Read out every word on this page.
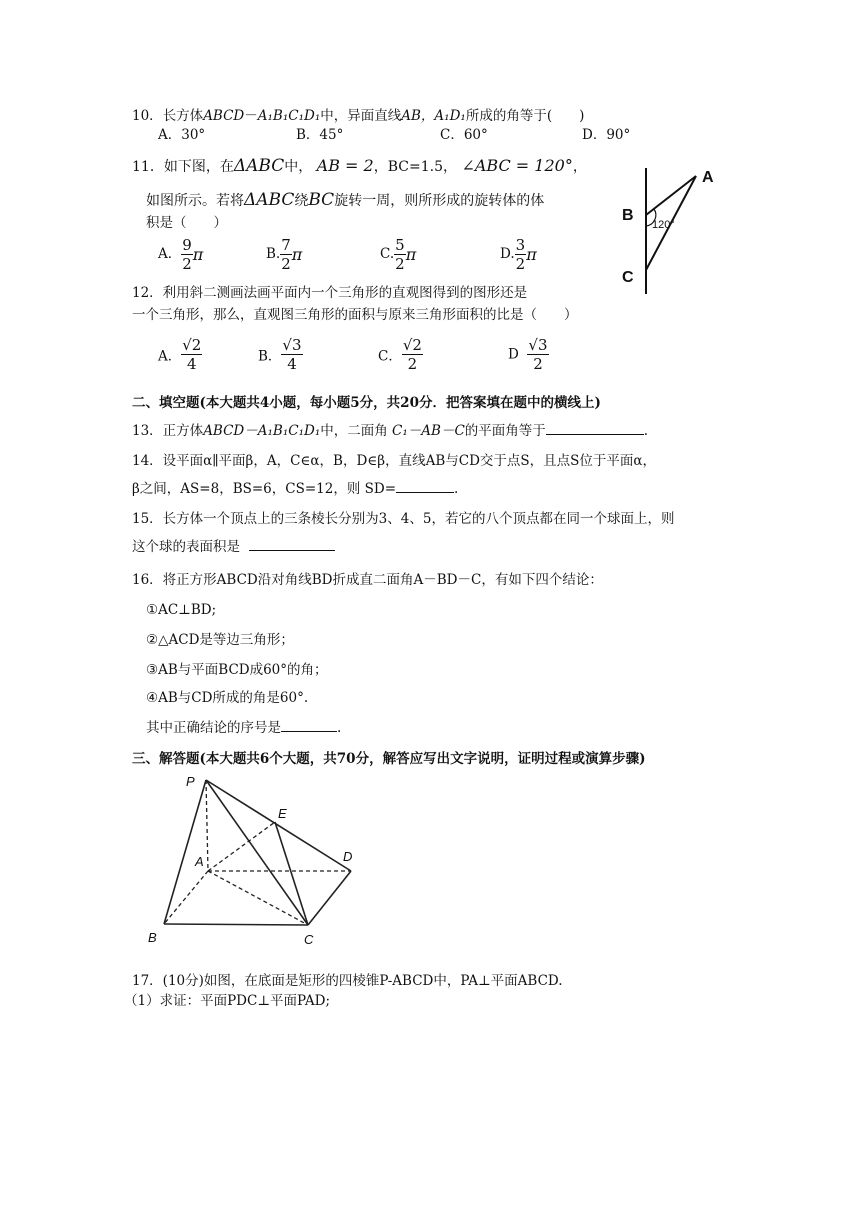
10．长方体ABCD－A₁B₁C₁D₁中，异面直线AB，A₁D₁所成的角等于(　　)
A．30°	B．45°	C．60°	D．90°
11．如下图，在ΔABC中， AB = 2，BC=1.5， ∠ABC = 120°，
如图所示。若将ΔABC绕BC旋转一周，则所形成的旋转体的体
积是（　　）
A． $\frac{9}{2}$ π	B. $\frac{7}{2}$ π	C. $\frac{5}{2}$ π	D. $\frac{3}{2}$ π
A
B
C
120°
12．利用斜二测画法画平面内一个三角形的直观图得到的图形还是
一个三角形，那么，直观图三角形的面积与原来三角形面积的比是（　　）
A． $\frac{√2}{4}$	B． $\frac{√3}{4}$	C． $\frac{√2}{2}$	D $\frac{√3}{2}$
二、填空题(本大题共4小题，每小题5分，共20分．把答案填在题中的横线上)
13．正方体ABCD－A₁B₁C₁D₁中，二面角 C₁－AB－C的平面角等于	.
14．设平面α∥平面β，A，C∈α，B，D∈β，直线AB与CD交于点S，且点S位于平面α，
β之间，AS=8，BS=6，CS=12，则 SD=	.
15．长方体一个顶点上的三条棱长分别为3、4、5，若它的八个顶点都在同一个球面上，则
这个球的表面积是
16．将正方形ABCD沿对角线BD折成直二面角A－BD－C，有如下四个结论：
①AC⊥BD;
②△ACD是等边三角形；
③AB与平面BCD成60°的角；
④AB与CD所成的角是60°.
其中正确结论的序号是	.
三、解答题(本大题共6个大题，共70分，解答应写出文字说明，证明过程或演算步骤)
P
E
A	D
B	C
17．(10分)如图，在底面是矩形的四棱锥P-ABCD中，PA⊥平面ABCD.
（1）求证：平面PDC⊥平面PAD;
